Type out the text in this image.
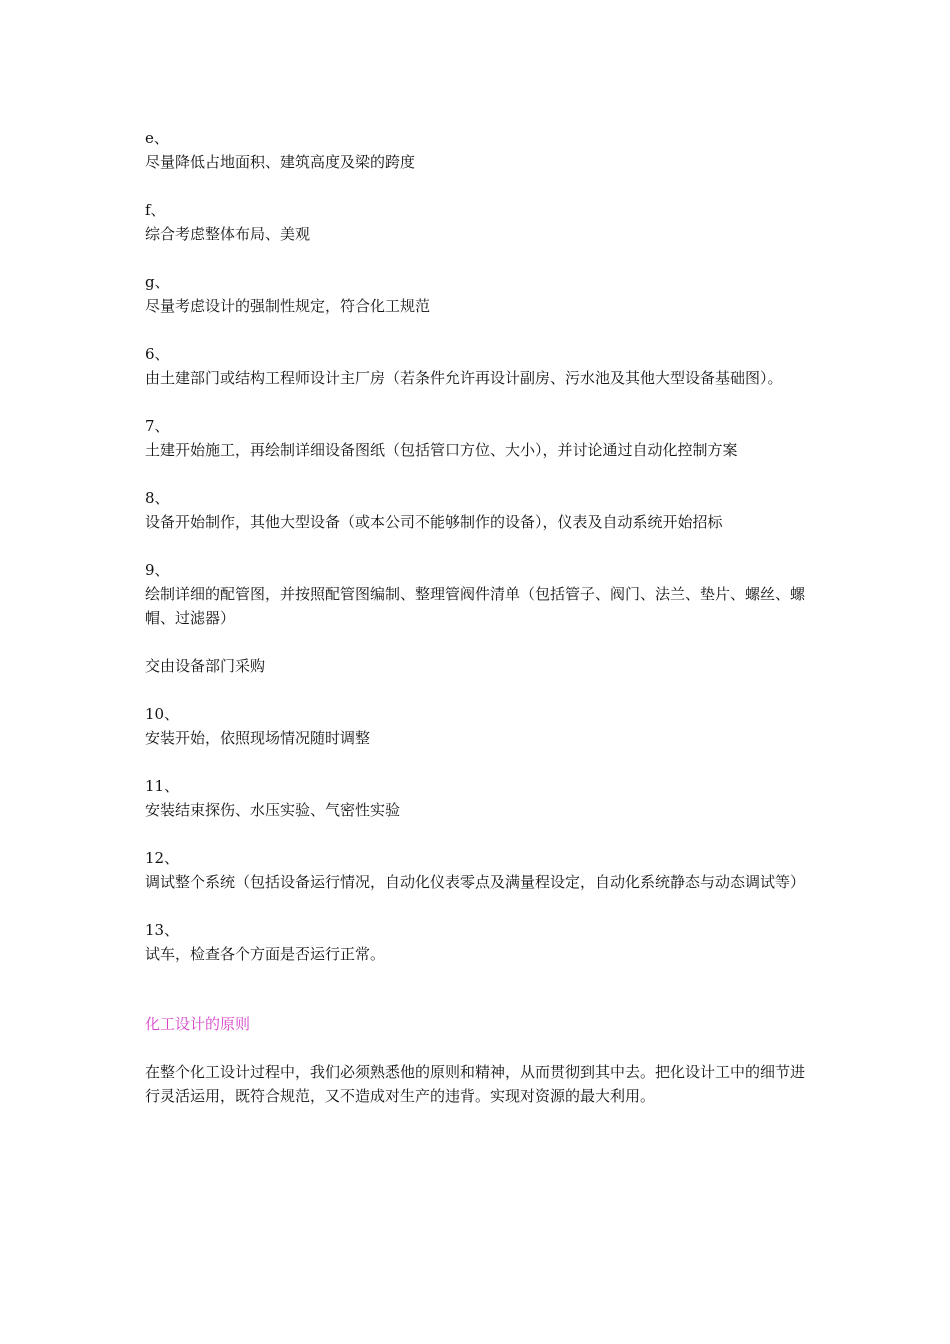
e、
尽量降低占地面积、建筑高度及梁的跨度
f、
综合考虑整体布局、美观
g、
尽量考虑设计的强制性规定，符合化工规范
6、
由土建部门或结构工程师设计主厂房（若条件允许再设计副房、污水池及其他大型设备基础图）。
7、
土建开始施工，再绘制详细设备图纸（包括管口方位、大小），并讨论通过自动化控制方案
8、
设备开始制作，其他大型设备（或本公司不能够制作的设备），仪表及自动系统开始招标
9、
绘制详细的配管图，并按照配管图编制、整理管阀件清单（包括管子、阀门、法兰、垫片、螺丝、螺帽、过滤器）
交由设备部门采购
10、
安装开始，依照现场情况随时调整
11、
安装结束探伤、水压实验、气密性实验
12、
调试整个系统（包括设备运行情况，自动化仪表零点及满量程设定，自动化系统静态与动态调试等）
13、
试车，检查各个方面是否运行正常。
化工设计的原则
在整个化工设计过程中，我们必须熟悉他的原则和精神，从而贯彻到其中去。把化设计工中的细节进行灵活运用，既符合规范，又不造成对生产的违背。实现对资源的最大利用。
